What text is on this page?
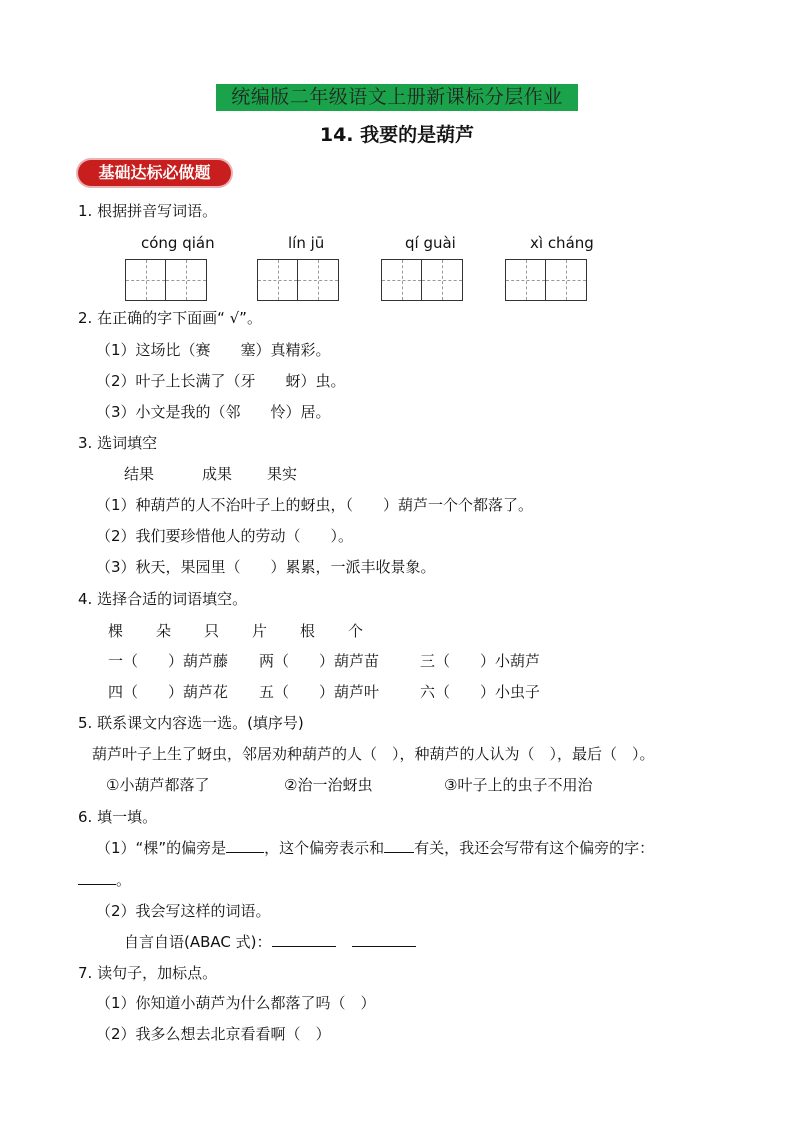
统编版二年级语文上册新课标分层作业
14. 我要的是葫芦
基础达标必做题
1. 根据拼音写词语。
cóng qián	lín jū	qí guài	xì cháng
2. 在正确的字下面画“ √”。
（1）这场比（赛　　塞）真精彩。
（2）叶子上长满了（牙　　蚜）虫。
（3）小文是我的（邻　　怜）居。
3. 选词填空
结果	成果 果实
（1）种葫芦的人不治叶子上的蚜虫，（　　）葫芦一个个都落了。
（2）我们要珍惜他人的劳动（　　）。
（3）秋天，果园里（　　）累累，一派丰收景象。
4. 选择合适的词语填空。
棵 朵 只 片 根 个
一（　　）葫芦藤 两（　　）葫芦苗	三（　　）小葫芦
四（　　）葫芦花 五（　　）葫芦叶	六（　　）小虫子
5. 联系课文内容选一选。(填序号)
葫芦叶子上生了蚜虫，邻居劝种葫芦的人（　），种葫芦的人认为（　），最后（　）。
①小葫芦都落了	②治一治蚜虫	③叶子上的虫子不用治
6. 填一填。
（1）“棵”的偏旁是	，这个偏旁表示和 有关，我还会写带有这个偏旁的字：
。
（2）我会写这样的词语。
自言自语(ABAC 式)：
7. 读句子，加标点。
（1）你知道小葫芦为什么都落了吗（　）
（2）我多么想去北京看看啊（　）
